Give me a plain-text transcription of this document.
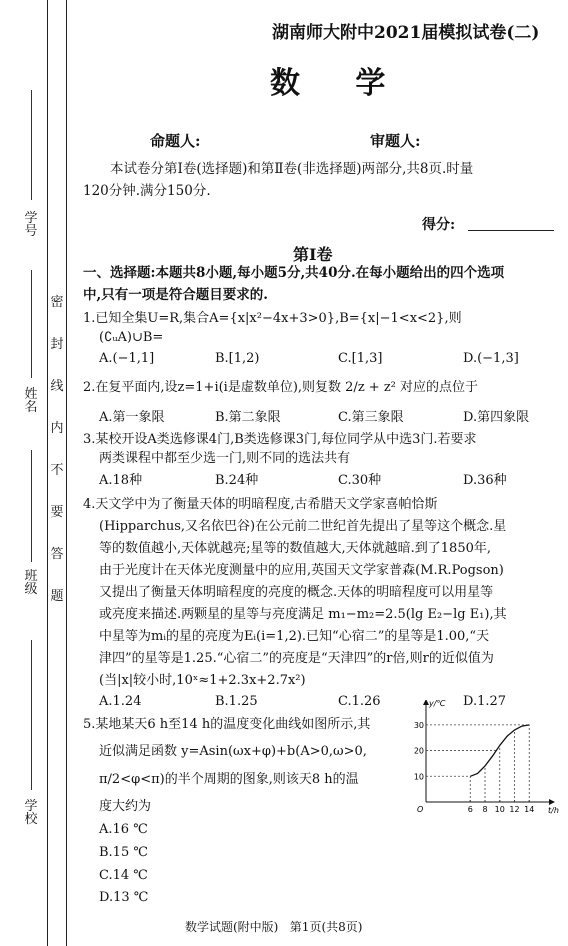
学 号
姓 名
班 级
学 校
密封线内不要答题
湖南师大附中2021届模拟试卷(二)
数   学
命题人:	审题人:
本试卷分第Ⅰ卷(选择题)和第Ⅱ卷(非选择题)两部分,共8页.时量
120分钟.满分150分.
得分:
第Ⅰ卷
一、选择题:本题共8小题,每小题5分,共40分.在每小题给出的四个选项
中,只有一项是符合题目要求的.
1.已知全集U=R,集合A={x|x²−4x+3>0},B={x|−1<x<2},则
(∁ᵤA)∪B=
A.(−1,1]	B.[1,2)	C.[1,3]	D.(−1,3]
2.在复平面内,设z=1+i(i是虚数单位),则复数 2/z + z² 对应的点位于
A.第一象限	B.第二象限	C.第三象限	D.第四象限
3.某校开设A类选修课4门,B类选修课3门,每位同学从中选3门.若要求
两类课程中都至少选一门,则不同的选法共有
A.18种	B.24种	C.30种	D.36种
4.天文学中为了衡量天体的明暗程度,古希腊天文学家喜帕恰斯
(Hipparchus,又名依巴谷)在公元前二世纪首先提出了星等这个概念.星
等的数值越小,天体就越亮;星等的数值越大,天体就越暗.到了1850年,
由于光度计在天体光度测量中的应用,英国天文学家普森(M.R.Pogson)
又提出了衡量天体明暗程度的亮度的概念.天体的明暗程度可以用星等
或亮度来描述.两颗星的星等与亮度满足 m₁−m₂=2.5(lg E₂−lg E₁),其
中星等为mᵢ的星的亮度为Eᵢ(i=1,2).已知“心宿二”的星等是1.00,“天
津四”的星等是1.25.“心宿二”的亮度是“天津四”的r倍,则r的近似值为
(当|x|较小时,10ˣ≈1+2.3x+2.7x²)
A.1.24	B.1.25	C.1.26	D.1.27
5.某地某天6 h至14 h的温度变化曲线如图所示,其
近似满足函数 y=Asin(ωx+φ)+b(A>0,ω>0,
π/2<φ<π)的半个周期的图象,则该天8 h的温
度大约为
A.16 ℃
B.15 ℃
C.14 ℃
D.13 ℃
6 8 10 12 14
10
20
30
t/h
y/℃
O
数学试题(附中版)   第1页(共8页)
